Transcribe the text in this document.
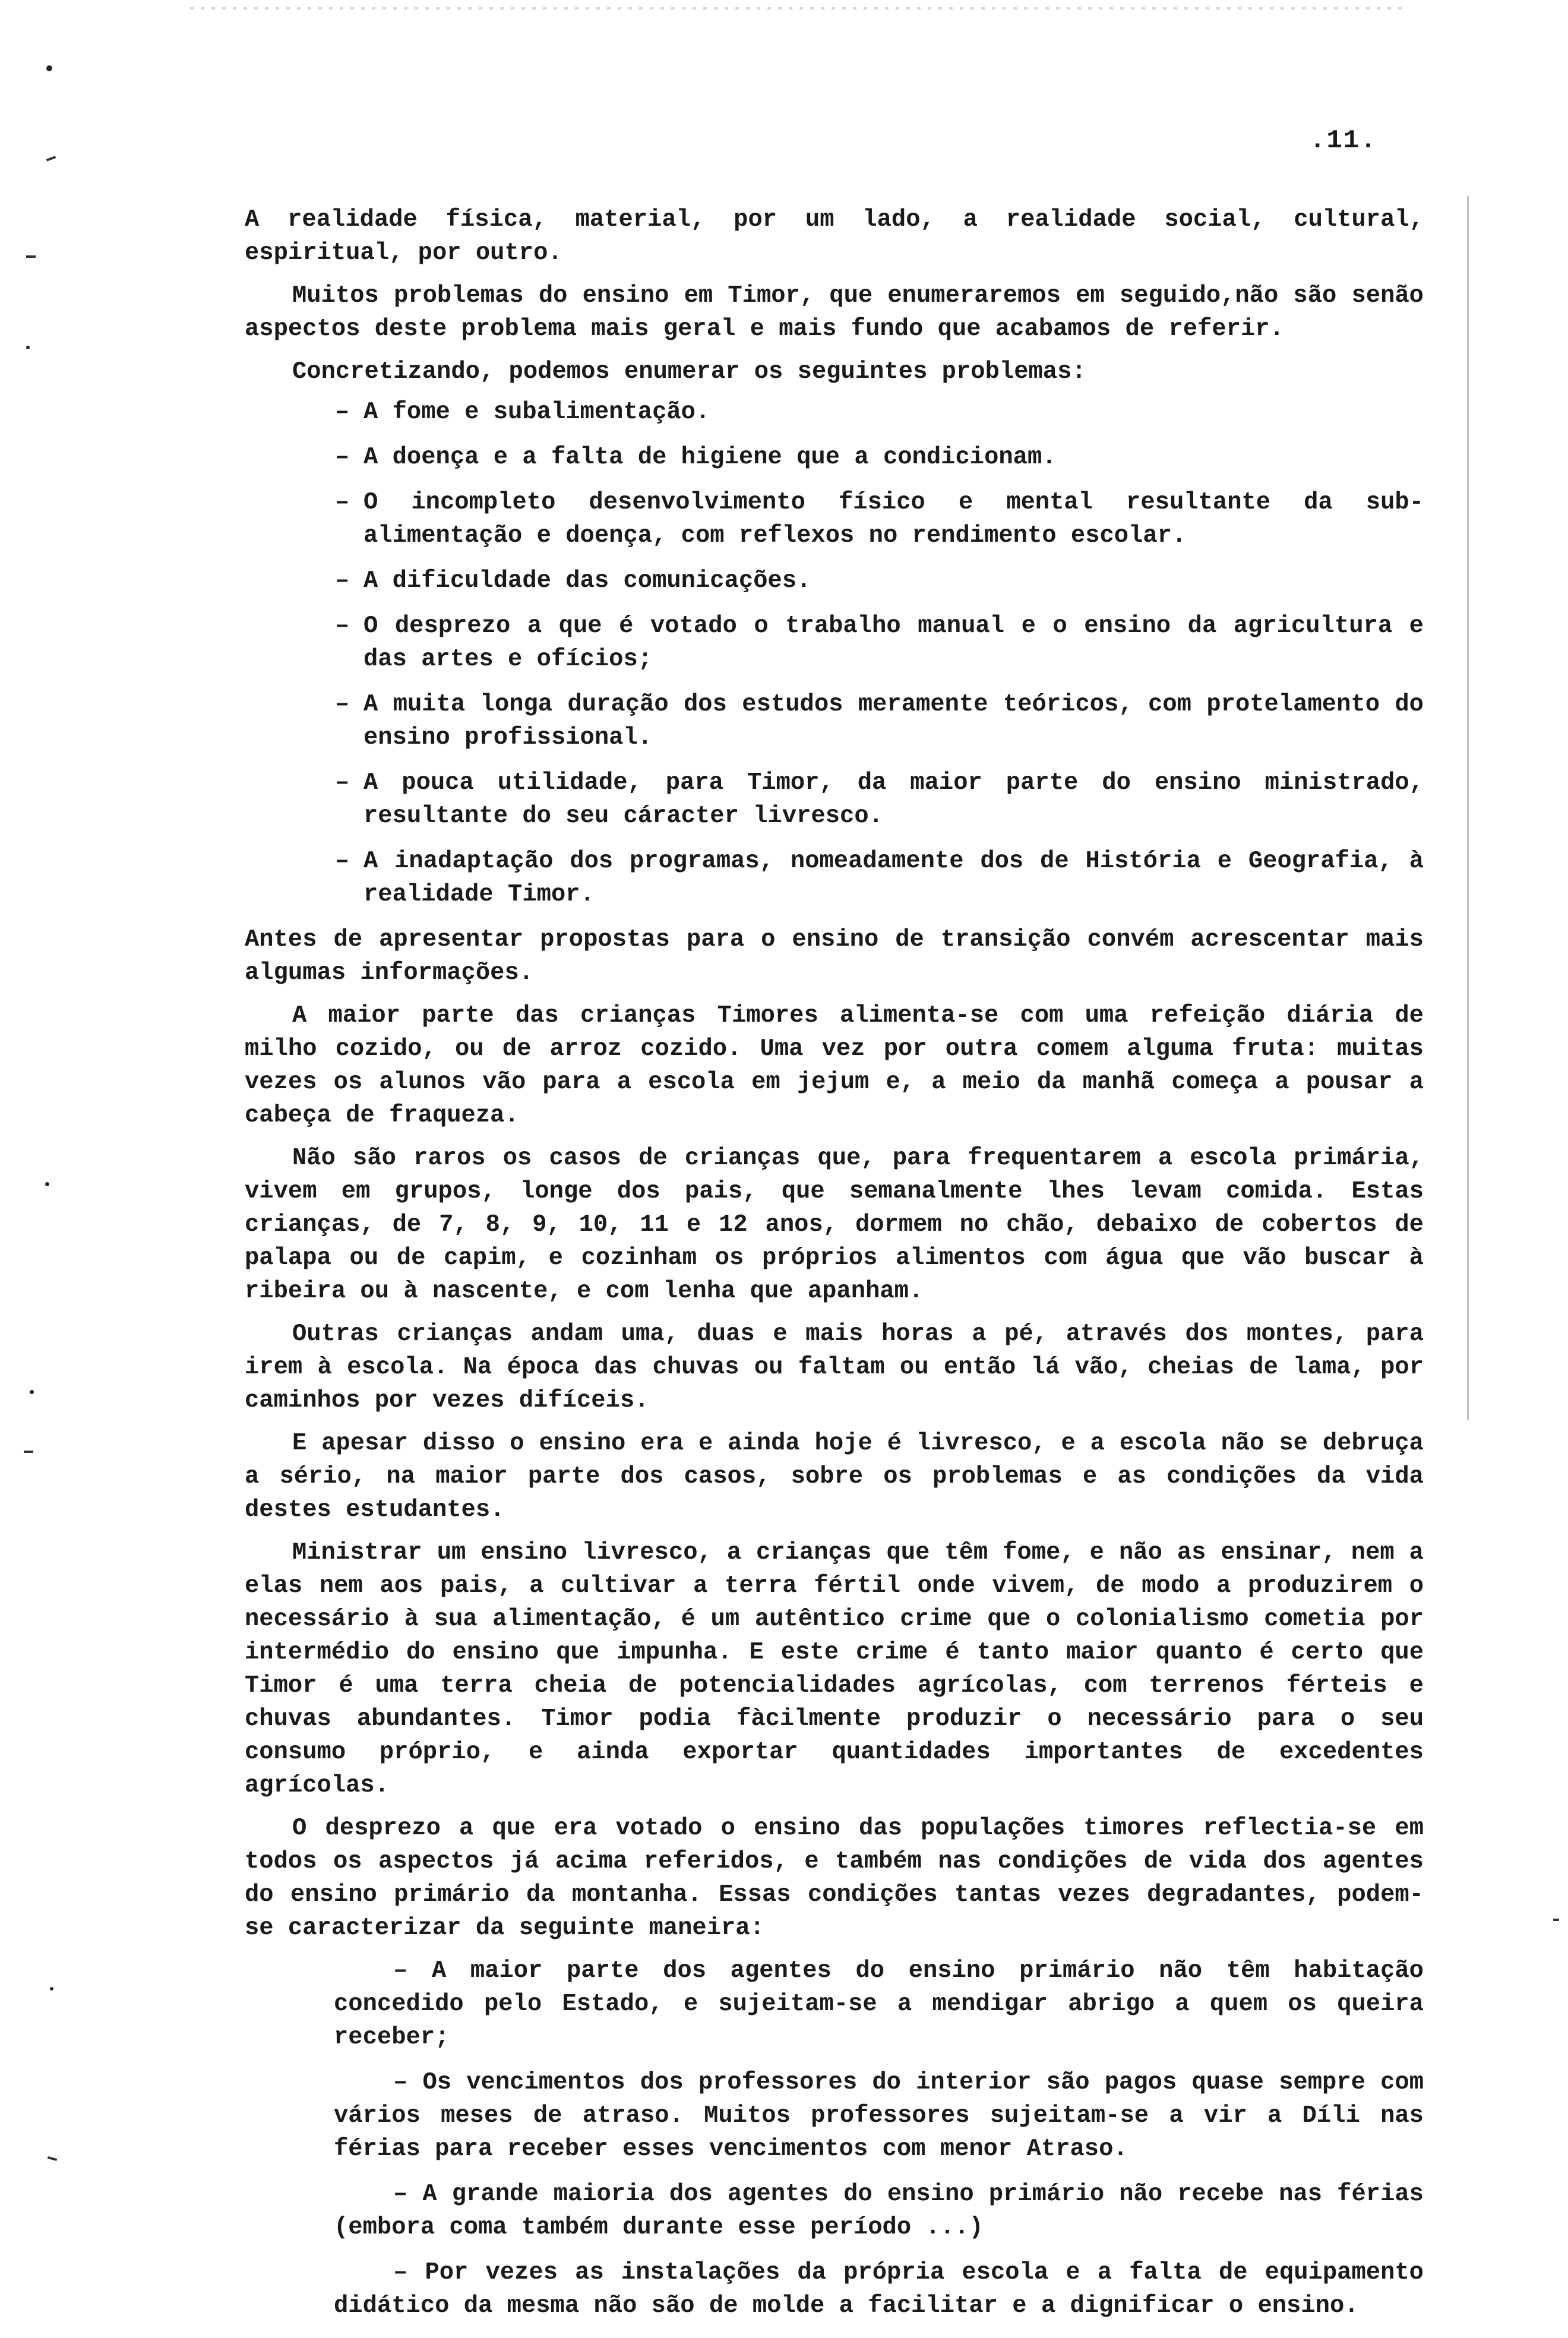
.11.

A realidade física, material, por um lado, a realidade social, cultural, espiritual, por outro.

Muitos problemas do ensino em Timor, que enumeraremos em seguido,não são senão aspectos deste problema mais geral e mais fundo que acabamos de referir.

Concretizando, podemos enumerar os seguintes problemas:

– A fome e subalimentação.
– A doença e a falta de higiene que a condicionam.
– O incompleto desenvolvimento físico e mental resultante da sub-alimentação e doença, com reflexos no rendimento escolar.
– A dificuldade das comunicações.
– O desprezo a que é votado o trabalho manual e o ensino da agricultura e das artes e ofícios;
– A muita longa duração dos estudos meramente teóricos, com protelamento do ensino profissional.
– A pouca utilidade, para Timor, da maior parte do ensino ministrado, resultante do seu cáracter livresco.
– A inadaptação dos programas, nomeadamente dos de História e Geografia, à realidade Timor.

Antes de apresentar propostas para o ensino de transição convém acrescentar mais algumas informações.

A maior parte das crianças Timores alimenta-se com uma refeição diária de milho cozido, ou de arroz cozido. Uma vez por outra comem alguma fruta: muitas vezes os alunos vão para a escola em jejum e, a meio da manhã começa a pousar a cabeça de fraqueza.

Não são raros os casos de crianças que, para frequentarem a escola primária, vivem em grupos, longe dos pais, que semanalmente lhes levam comida. Estas crianças, de 7, 8, 9, 10, 11 e 12 anos, dormem no chão, debaixo de cobertos de palapa ou de capim, e cozinham os próprios alimentos com água que vão buscar à ribeira ou à nascente, e com lenha que apanham.

Outras crianças andam uma, duas e mais horas a pé, através dos montes, para irem à escola. Na época das chuvas ou faltam ou então lá vão, cheias de lama, por caminhos por vezes difíceis.

E apesar disso o ensino era e ainda hoje é livresco, e a escola não se debruça a sério, na maior parte dos casos, sobre os problemas e as condições da vida destes estudantes.

Ministrar um ensino livresco, a crianças que têm fome, e não as ensinar, nem a elas nem aos pais, a cultivar a terra fértil onde vivem, de modo a produzirem o necessário à sua alimentação, é um autêntico crime que o colonialismo cometia por intermédio do ensino que impunha. E este crime é tanto maior quanto é certo que Timor é uma terra cheia de potencialidades agrícolas, com terrenos férteis e chuvas abundantes. Timor podia fàcilmente produzir o necessário para o seu consumo próprio, e ainda exportar quantidades importantes de excedentes agrícolas.

O desprezo a que era votado o ensino das populações timores reflectia-se em todos os aspectos já acima referidos, e também nas condições de vida dos agentes do ensino primário da montanha. Essas condições tantas vezes degradantes, podem-se caracterizar da seguinte maneira:

– A maior parte dos agentes do ensino primário não têm habitação concedido pelo Estado, e sujeitam-se a mendigar abrigo a quem os queira receber;

– Os vencimentos dos professores do interior são pagos quase sempre com vários meses de atraso. Muitos professores sujeitam-se a vir a Díli nas férias para receber esses vencimentos com menor Atraso.

– A grande maioria dos agentes do ensino primário não recebe nas férias (embora coma também durante esse período ...)

– Por vezes as instalações da própria escola e a falta de equipamento didático da mesma não são de molde a facilitar e a dignificar o ensino.
